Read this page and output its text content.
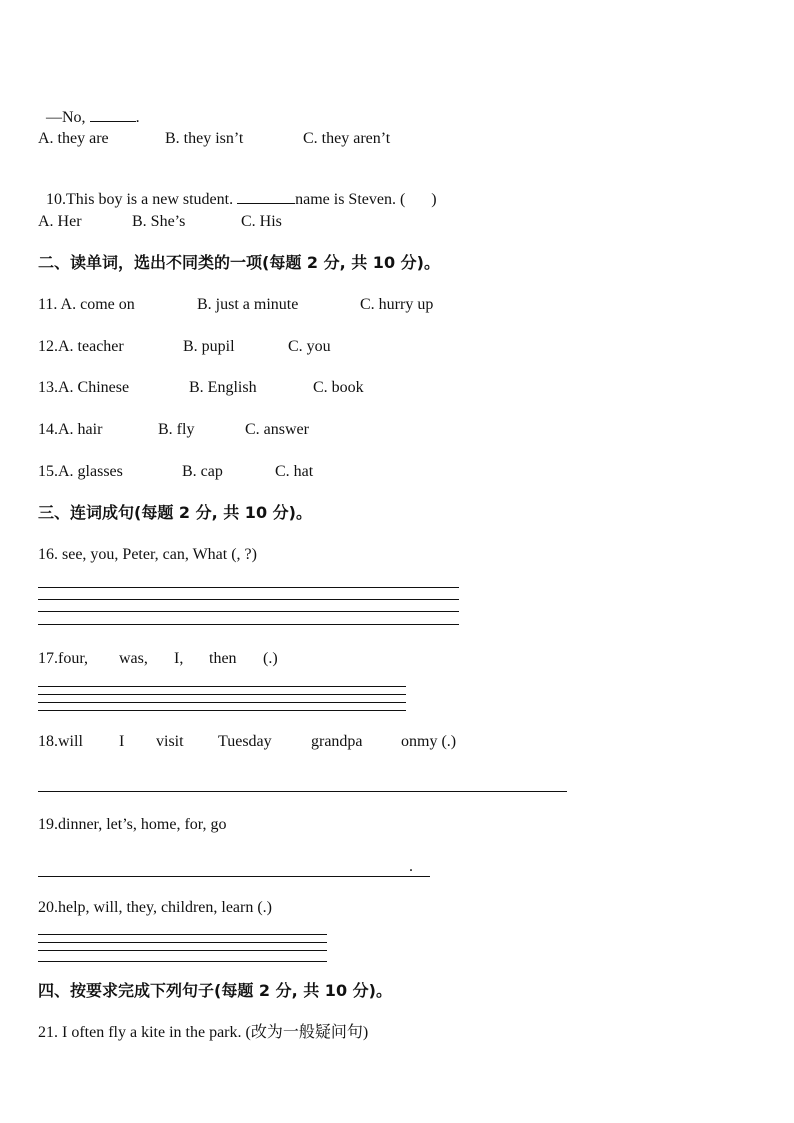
—No,	.

A. they are	B. they isn’t	C. they aren’t

10.This boy is a new student.	name is Steven. ( )

A. Her	B. She’s	C. His
二、读单词，选出不同类的一项(每题 2 分, 共 10 分)。
11. A. come on	B. just a minute	C. hurry up
12.A. teacher	B. pupil	C. you
13.A. Chinese	B. English	C. book
14.A. hair	B. fly	C. answer
15.A. glasses	B. cap	C. hat
三、连词成句(每题 2 分, 共 10 分)。
16. see, you, Peter, can, What (, ?)
17.four, was, I, then (.)
18.will I visit Tuesday grandpa onmy (.)
19.dinner, let’s, home, for, go
.
20.help, will, they, children, learn (.)
四、按要求完成下列句子(每题 2 分, 共 10 分)。
21. I often fly a kite in the park. (改为一般疑问句)
